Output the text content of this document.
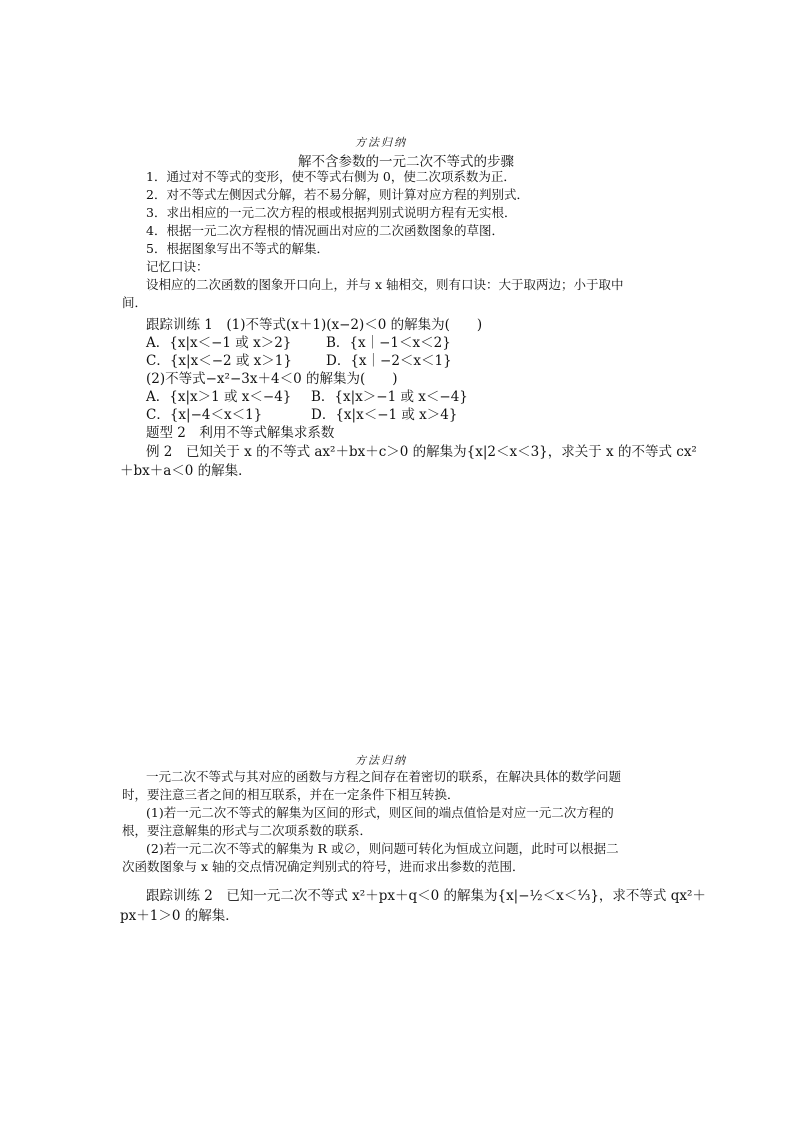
方法归纳
解不含参数的一元二次不等式的步骤
1．通过对不等式的变形，使不等式右侧为 0，使二次项系数为正．
2．对不等式左侧因式分解，若不易分解，则计算对应方程的判别式．
3．求出相应的一元二次方程的根或根据判别式说明方程有无实根．
4．根据一元二次方程根的情况画出对应的二次函数图象的草图．
5．根据图象写出不等式的解集．
记忆口诀：
设相应的二次函数的图象开口向上，并与 x 轴相交，则有口诀：大于取两边；小于取中
间．
跟踪训练 1　(1)不等式(x＋1)(x−2)＜0 的解集为(　　)
A．{x|x＜−1 或 x＞2}	B．{x｜−1＜x＜2}
C．{x|x＜−2 或 x＞1}	D．{x｜−2＜x＜1}
(2)不等式−x²−3x＋4＜0 的解集为(　　)
A．{x|x＞1 或 x＜−4} B．{x|x＞−1 或 x＜−4}
C．{x|−4＜x＜1}	D．{x|x＜−1 或 x＞4}
题型 2　利用不等式解集求系数
例 2　已知关于 x 的不等式 ax²＋bx＋c＞0 的解集为{x|2＜x＜3}，求关于 x 的不等式 cx²
＋bx＋a＜0 的解集．
方法归纳
一元二次不等式与其对应的函数与方程之间存在着密切的联系，在解决具体的数学问题
时，要注意三者之间的相互联系，并在一定条件下相互转换．
(1)若一元二次不等式的解集为区间的形式，则区间的端点值恰是对应一元二次方程的
根，要注意解集的形式与二次项系数的联系．
(2)若一元二次不等式的解集为 R 或∅，则问题可转化为恒成立问题，此时可以根据二
次函数图象与 x 轴的交点情况确定判别式的符号，进而求出参数的范围．
跟踪训练 2　已知一元二次不等式 x²＋px＋q＜0 的解集为{x|−½＜x＜⅓}，求不等式 qx²＋
px＋1＞0 的解集．
